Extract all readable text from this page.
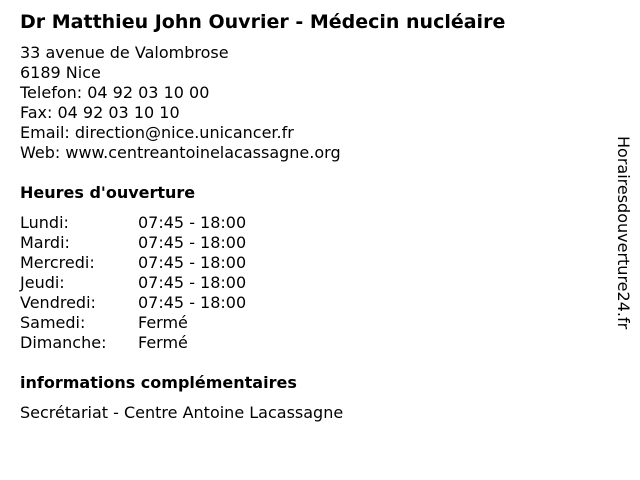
Dr Matthieu John Ouvrier - Médecin nucléaire
33 avenue de Valombrose
6189 Nice
Telefon: 04 92 03 10 00
Fax: 04 92 03 10 10
Email: direction@nice.unicancer.fr
Web: www.centreantoinelacassagne.org
Heures d'ouverture
Lundi:	07:45 - 18:00
Mardi:	07:45 - 18:00
Mercredi:	07:45 - 18:00
Jeudi:	07:45 - 18:00
Vendredi:	07:45 - 18:00
Samedi:	Fermé
Dimanche:	Fermé
informations complémentaires
Secrétariat - Centre Antoine Lacassagne
Horairesdouverture24.fr
